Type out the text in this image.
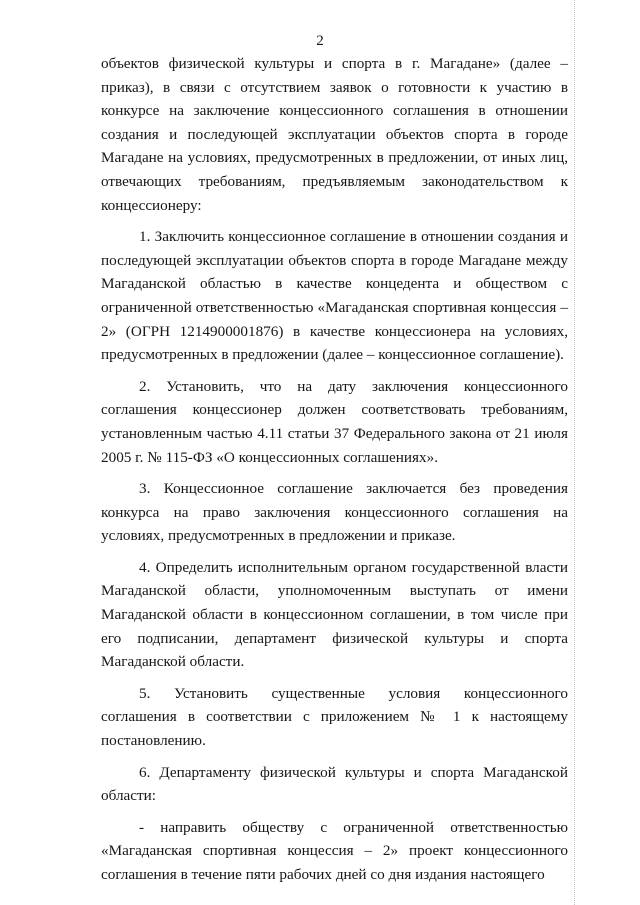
2

объектов физической культуры и спорта в г. Магадане» (далее – приказ), в связи с отсутствием заявок о готовности к участию в конкурсе на заключение концессионного соглашения в отношении создания и последующей эксплуатации объектов спорта в городе Магадане на условиях, предусмотренных в предложении, от иных лиц, отвечающих требованиям, предъявляемым законодательством к концессионеру:

1. Заключить концессионное соглашение в отношении создания и последующей эксплуатации объектов спорта в городе Магадане между Магаданской областью в качестве концедента и обществом с ограниченной ответственностью «Магаданская спортивная концессия – 2» (ОГРН 1214900001876) в качестве концессионера на условиях, предусмотренных в предложении (далее – концессионное соглашение).

2. Установить, что на дату заключения концессионного соглашения концессионер должен соответствовать требованиям, установленным частью 4.11 статьи 37 Федерального закона от 21 июля 2005 г. № 115-ФЗ «О концессионных соглашениях».

3. Концессионное соглашение заключается без проведения конкурса на право заключения концессионного соглашения на условиях, предусмотренных в предложении и приказе.

4. Определить исполнительным органом государственной власти Магаданской области, уполномоченным выступать от имени Магаданской области в концессионном соглашении, в том числе при его подписании, департамент физической культуры и спорта Магаданской области.

5. Установить существенные условия концессионного соглашения в соответствии с приложением № 1 к настоящему постановлению.

6. Департаменту физической культуры и спорта Магаданской области:

- направить обществу с ограниченной ответственностью «Магаданская спортивная концессия – 2» проект концессионного соглашения в течение пяти рабочих дней со дня издания настоящего
